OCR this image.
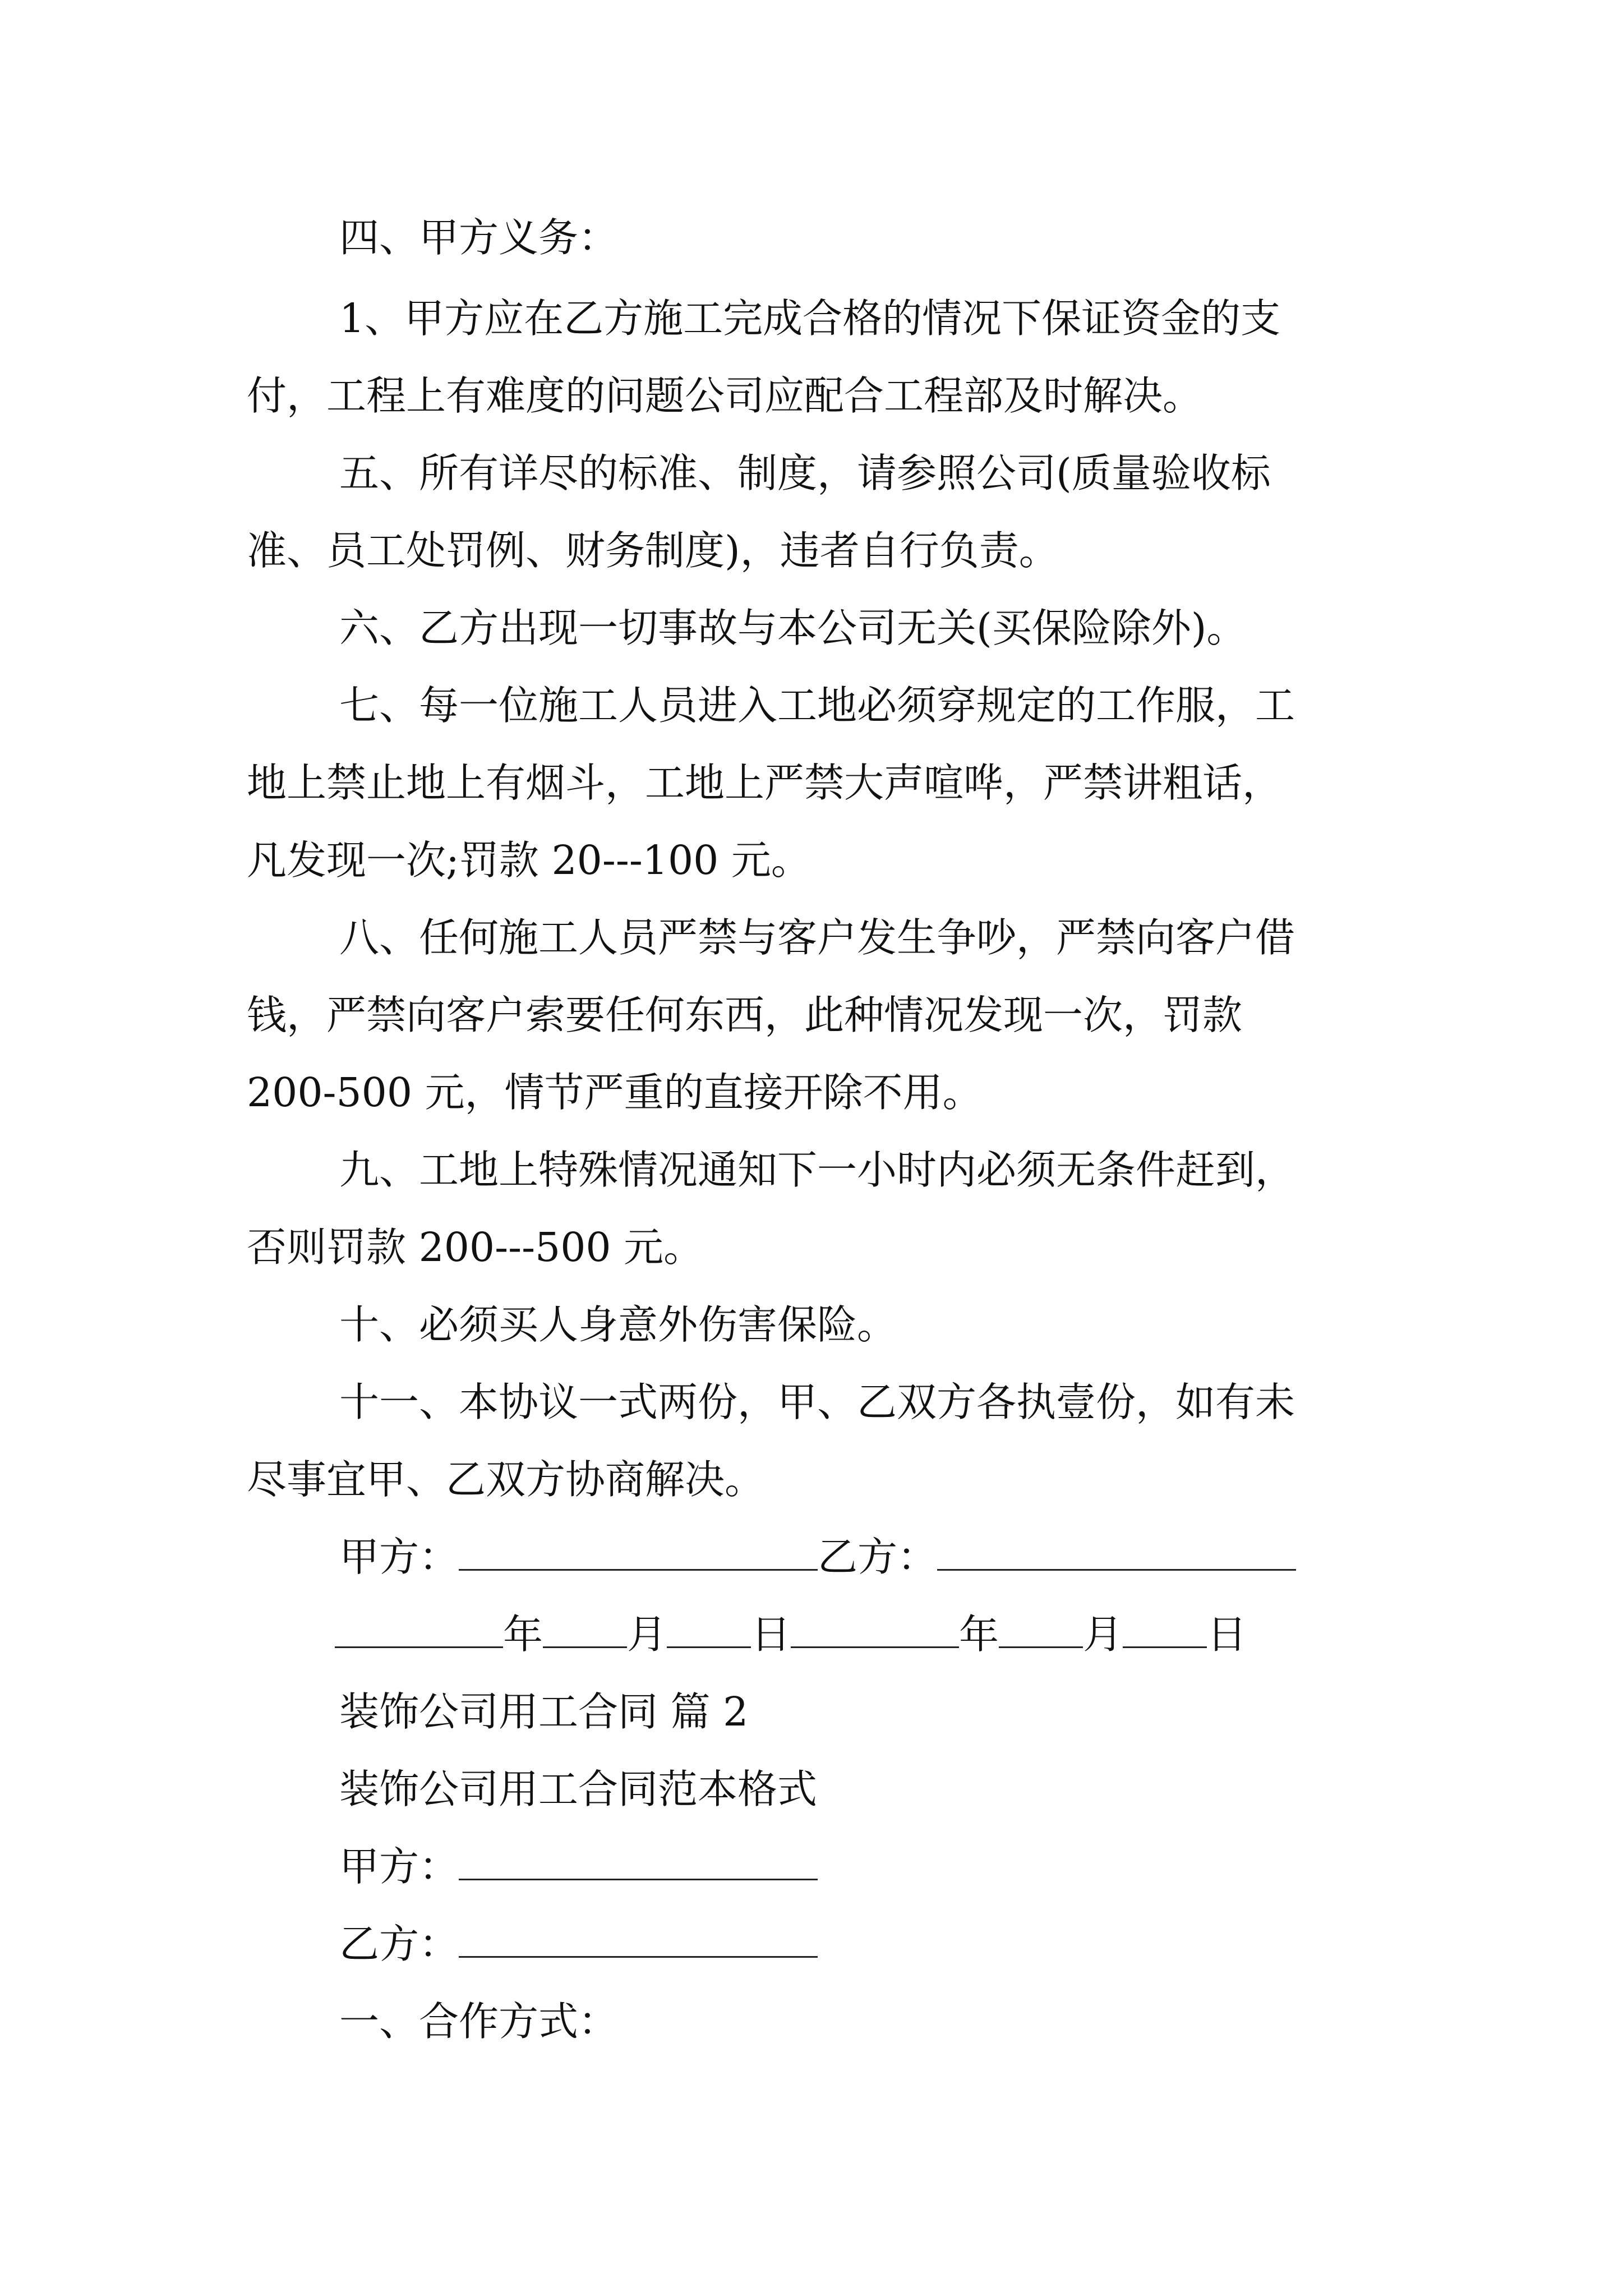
四、甲方义务：
1、甲方应在乙方施工完成合格的情况下保证资金的支
付，工程上有难度的问题公司应配合工程部及时解决。
五、所有详尽的标准、制度，请参照公司(质量验收标
准、员工处罚例、财务制度)，违者自行负责。
六、乙方出现一切事故与本公司无关(买保险除外)。
七、每一位施工人员进入工地必须穿规定的工作服，工
地上禁止地上有烟斗，工地上严禁大声喧哗，严禁讲粗话，
凡发现一次;罚款 20---100 元。
八、任何施工人员严禁与客户发生争吵，严禁向客户借
钱，严禁向客户索要任何东西，此种情况发现一次，罚款
200-500 元，情节严重的直接开除不用。
九、工地上特殊情况通知下一小时内必须无条件赶到，
否则罚款 200---500 元。
十、必须买人身意外伤害保险。
十一、本协议一式两份，甲、乙双方各执壹份，如有未
尽事宜甲、乙双方协商解决。
甲方：	乙方：
年 月 日	年 月 日
装饰公司用工合同 篇 2
装饰公司用工合同范本格式
甲方：
乙方：
一、合作方式：
